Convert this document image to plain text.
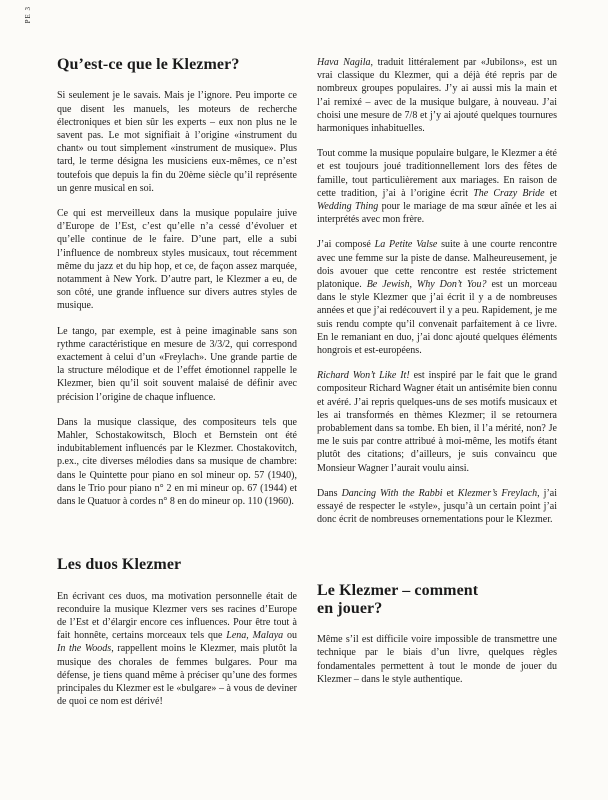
PE 3
Qu’est-ce que le Klezmer?

Si seulement je le savais. Mais je l’ignore. Peu importe ce que disent les manuels, les moteurs de recherche électroniques et bien sûr les experts – eux non plus ne le savent pas. Le mot signifiait à l’origine «instrument du chant» ou tout simplement «instrument de musique». Plus tard, le terme désigna les musiciens eux-mêmes, ce n’est toutefois que depuis la fin du 20ème siècle qu’il représente un genre musical en soi.

Ce qui est merveilleux dans la musique populaire juive d’Europe de l’Est, c’est qu’elle n’a cessé d’évoluer et qu’elle continue de le faire. D’une part, elle a subi l’influence de nombreux styles musicaux, tout récemment même du jazz et du hip hop, et ce, de façon assez marquée, notamment à New York. D’autre part, le Klezmer a eu, de son côté, une grande influence sur divers autres styles de musique.

Le tango, par exemple, est à peine imaginable sans son rythme caractéristique en mesure de 3/3/2, qui correspond exactement à celui d’un «Freylach». Une grande partie de la structure mélodique et de l’effet émotionnel rappelle le Klezmer, bien qu’il soit souvent malaisé de définir avec précision l’origine de chaque influence.

Dans la musique classique, des compositeurs tels que Mahler, Schostakowitsch, Bloch et Bernstein ont été indubitablement influencés par le Klezmer. Chostakovitch, p.ex., cite diverses mélodies dans sa musique de chambre: dans le Quintette pour piano en sol mineur op. 57 (1940), dans le Trio pour piano n° 2 en mi mineur op. 67 (1944) et dans le Quatuor à cordes n° 8 en do mineur op. 110 (1960).

Les duos Klezmer

En écrivant ces duos, ma motivation personnelle était de reconduire la musique Klezmer vers ses racines d’Europe de l’Est et d’élargir encore ces influences. Pour être tout à fait honnête, certains morceaux tels que Lena, Malaya ou In the Woods, rappellent moins le Klezmer, mais plutôt la musique des chorales de femmes bulgares. Pour ma défense, je tiens quand même à préciser qu’une des formes principales du Klezmer est le «bulgare» – à vous de deviner de quoi ce nom est dérivé!

Hava Nagila, traduit littéralement par «Jubilons», est un vrai classique du Klezmer, qui a déjà été repris par de nombreux groupes populaires. J’y ai aussi mis la main et l’ai remixé – avec de la musique bulgare, à nouveau. J’ai choisi une mesure de 7/8 et j’y ai ajouté quelques tournures harmoniques inhabituelles.

Tout comme la musique populaire bulgare, le Klezmer a été et est toujours joué traditionnellement lors des fêtes de famille, tout particulièrement aux mariages. En raison de cette tradition, j’ai à l’origine écrit The Crazy Bride et Wedding Thing pour le mariage de ma sœur aînée et les ai interprétés avec mon frère.

J’ai composé La Petite Valse suite à une courte rencontre avec une femme sur la piste de danse. Malheureusement, je dois avouer que cette rencontre est restée strictement platonique. Be Jewish, Why Don’t You? est un morceau dans le style Klezmer que j’ai écrit il y a de nombreuses années et que j’ai redécouvert il y a peu. Rapidement, je me suis rendu compte qu’il convenait parfaitement à ce livre. En le remaniant en duo, j’ai donc ajouté quelques éléments hongrois et est-européens.

Richard Won’t Like It! est inspiré par le fait que le grand compositeur Richard Wagner était un antisémite bien connu et avéré. J’ai repris quelques-uns de ses motifs musicaux et les ai transformés en thèmes Klezmer; il se retournera probablement dans sa tombe. Eh bien, il l’a mérité, non? Je me le suis par contre attribué à moi-même, les motifs étant plutôt des citations; d’ailleurs, je suis convaincu que Monsieur Wagner l’aurait voulu ainsi.

Dans Dancing With the Rabbi et Klezmer’s Freylach, j’ai essayé de respecter le «style», jusqu’à un certain point j’ai donc écrit de nombreuses ornementations pour le Klezmer.

Le Klezmer – comment en jouer?

Même s’il est difficile voire impossible de transmettre une technique par le biais d’un livre, quelques règles fondamentales permettent à tout le monde de jouer du Klezmer – dans le style authentique.
